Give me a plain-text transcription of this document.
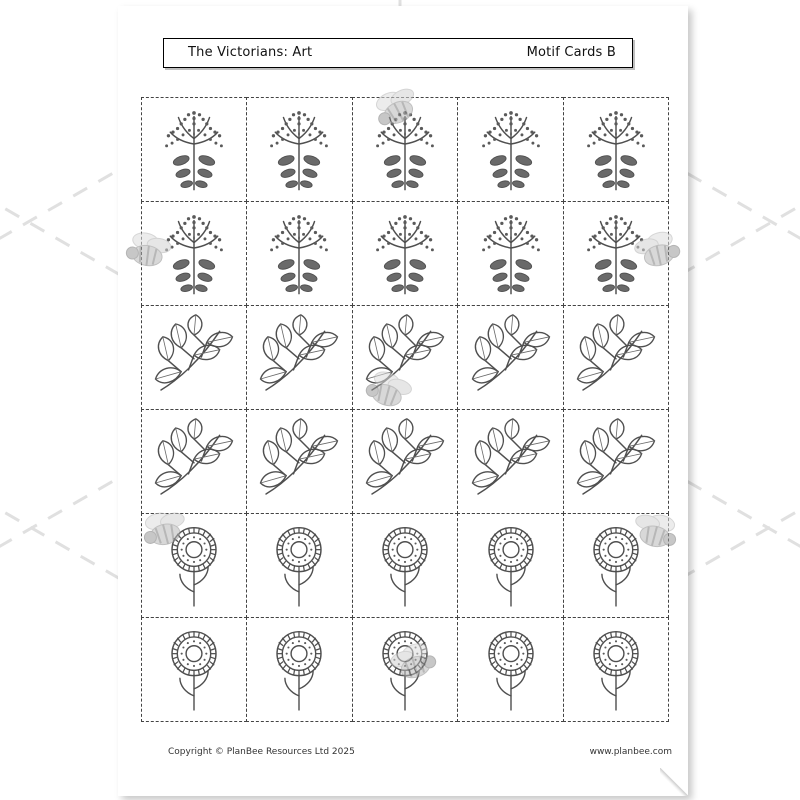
The Victorians: Art	Motif Cards B
Copyright © PlanBee Resources Ltd 2025	www.planbee.com
